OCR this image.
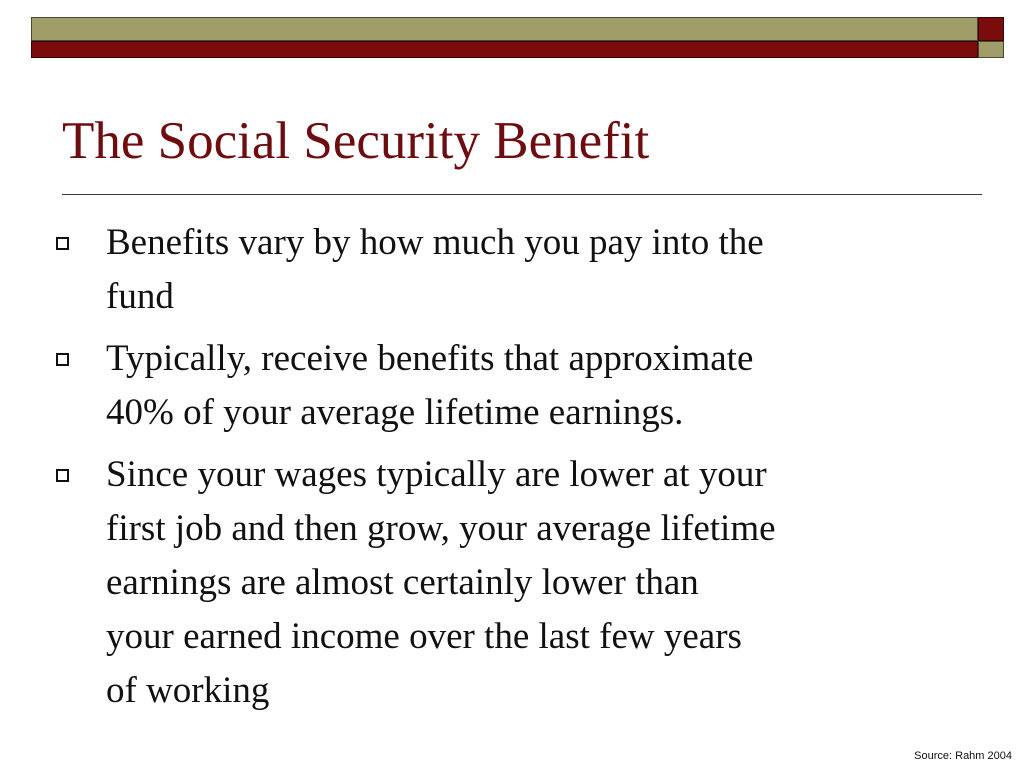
The Social Security Benefit
Benefits vary by how much you pay into the
fund
Typically, receive benefits that approximate
40% of your average lifetime earnings.
Since your wages typically are lower at your
first job and then grow, your average lifetime
earnings are almost certainly lower than
your earned income over the last few years
of working
Source: Rahm 2004
